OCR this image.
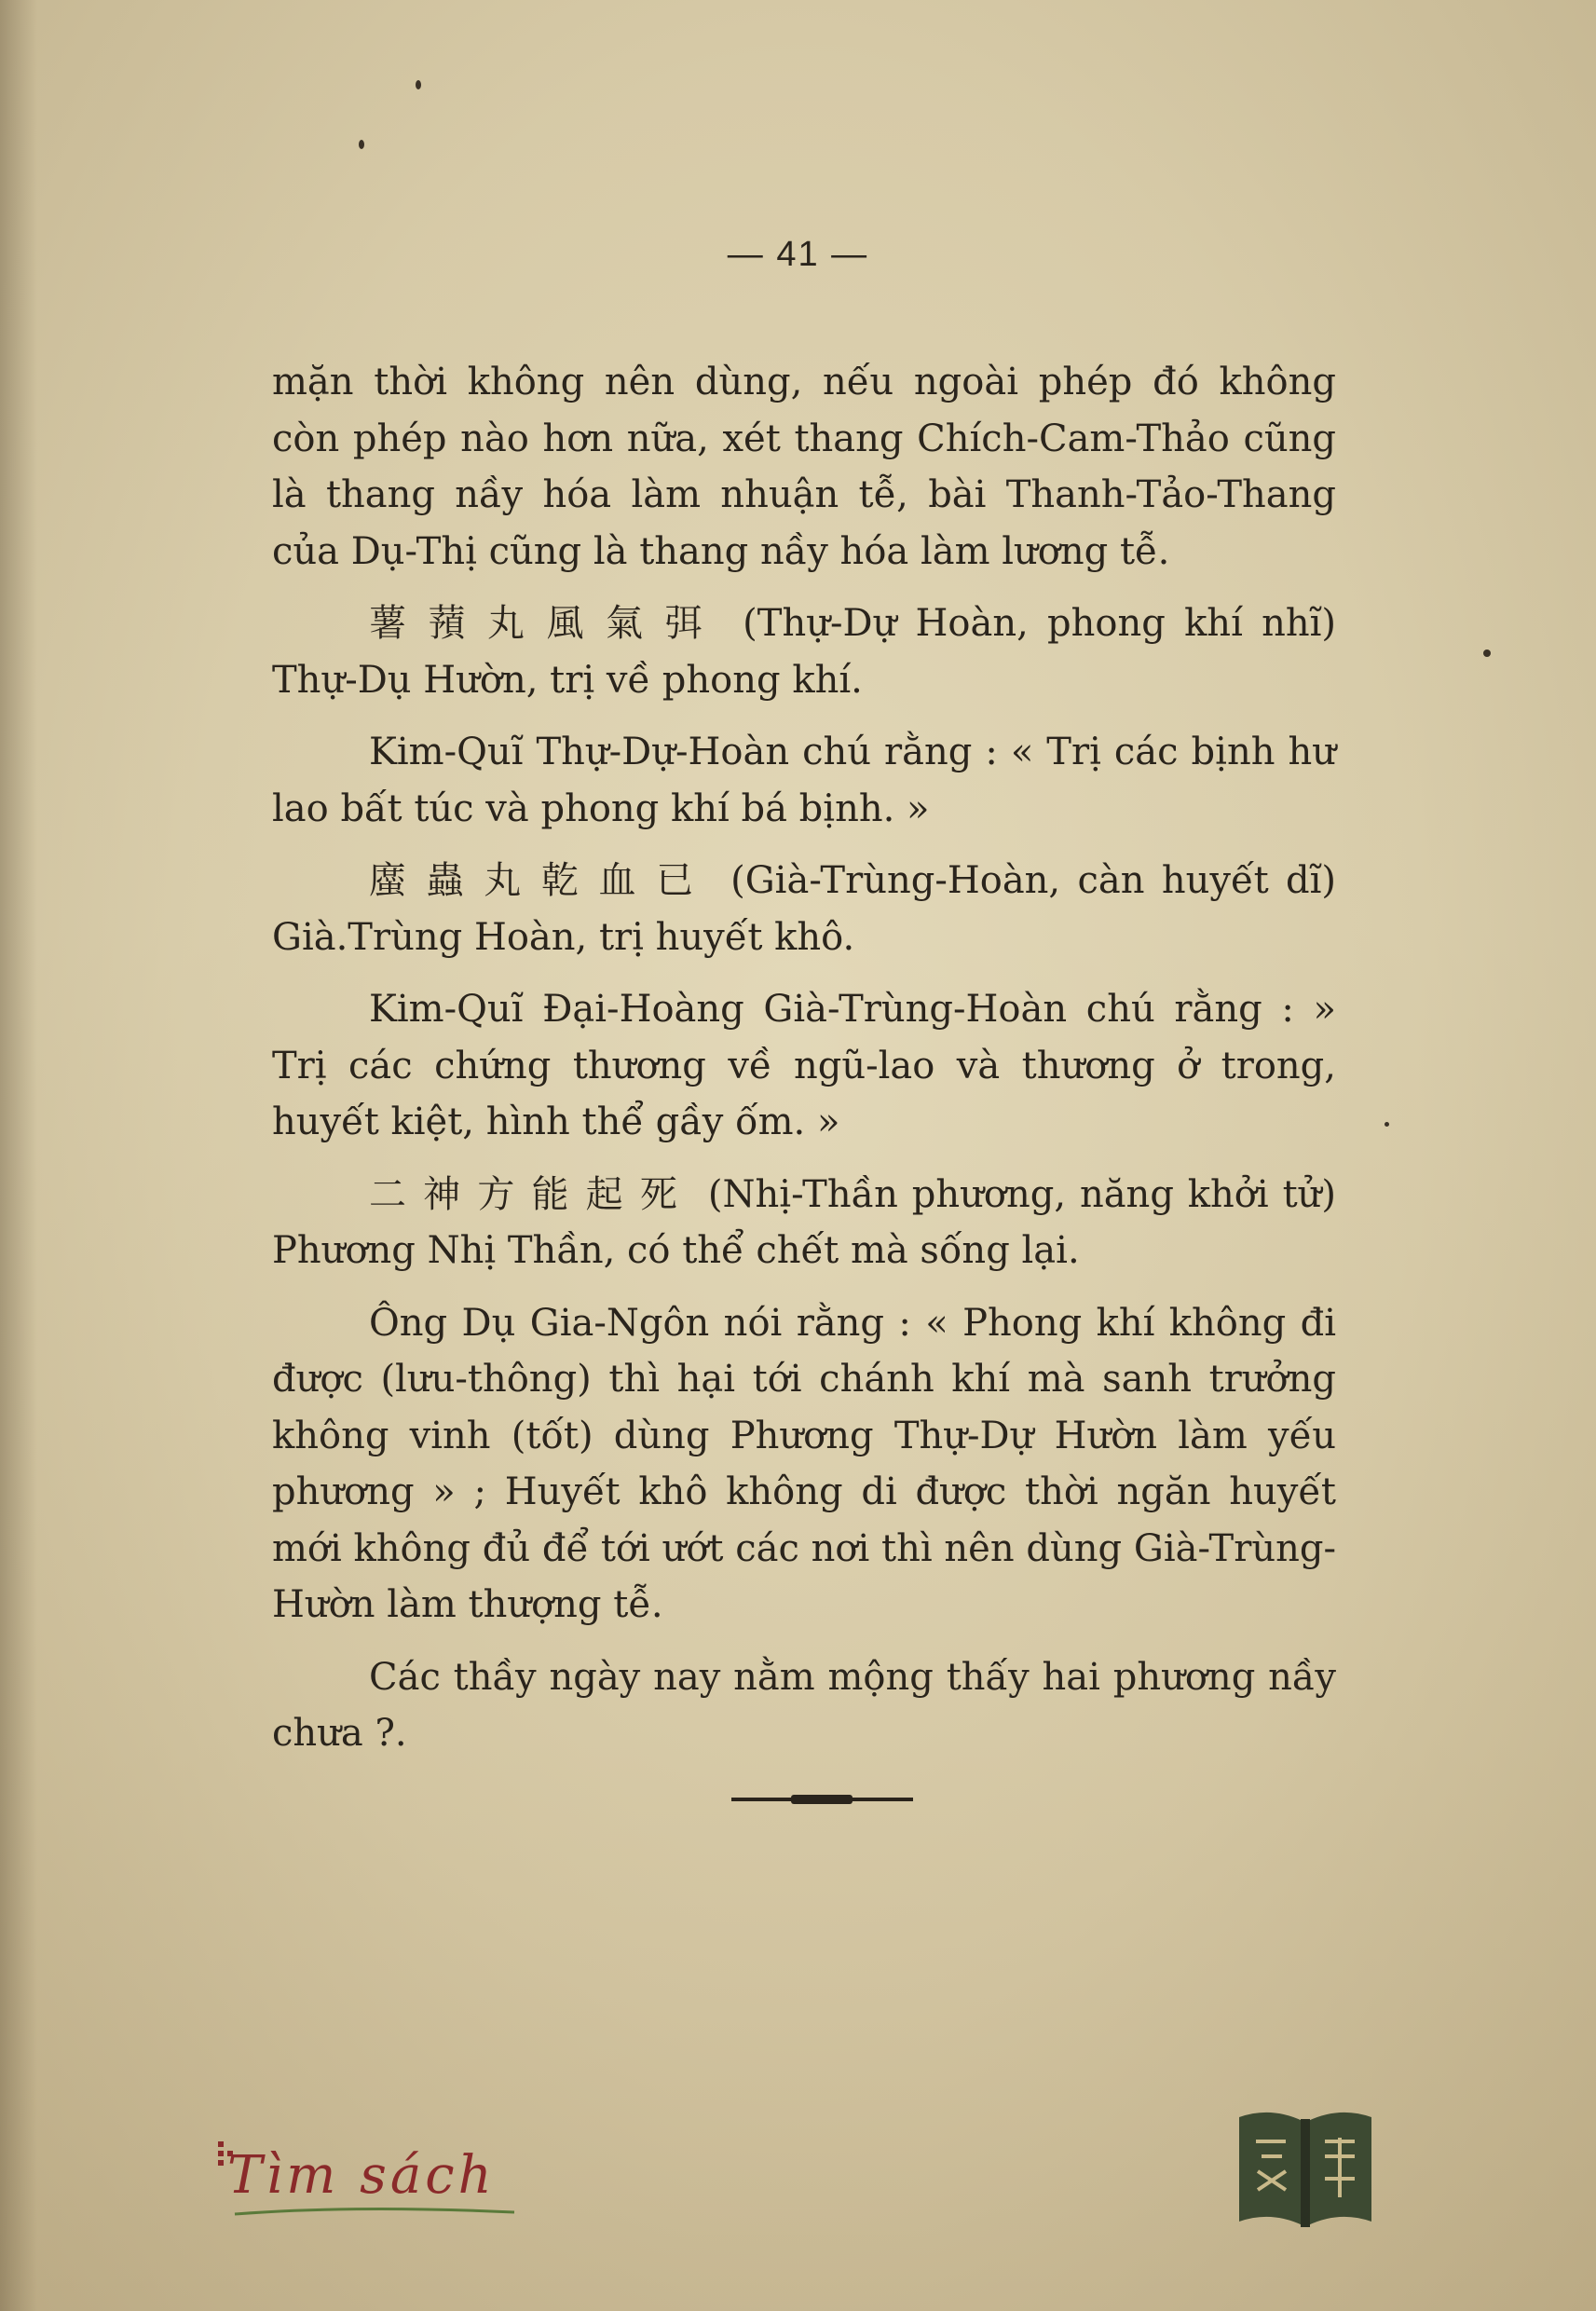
— 41 —

mặn thời không nên dùng, nếu ngoài phép đó không còn phép nào hơn nữa, xét thang Chích-Cam-Thảo cũng là thang nầy hóa làm nhuận tễ, bài Thanh-Tảo-Thang của Dụ-Thị cũng là thang nầy hóa làm lương tễ.

薯蕷丸風氣弭 (Thự-Dự Hoàn, phong khí nhĩ) Thự-Dụ Hườn, trị về phong khí.

Kim-Quĩ Thự-Dự-Hoàn chú rằng : « Trị các bịnh hư lao bất túc và phong khí bá bịnh. »

䗪蟲丸乾血已 (Già-Trùng-Hoàn, càn huyết dĩ) Già.Trùng Hoàn, trị huyết khô.

Kim-Quĩ Đại-Hoàng Già-Trùng-Hoàn chú rằng : » Trị các chứng thương về ngũ-lao và thương ở trong, huyết kiệt, hình thể gầy ốm. »

二神方能起死 (Nhị-Thần phương, năng khởi tử) Phương Nhị Thần, có thể chết mà sống lại.

Ông Dụ Gia-Ngôn nói rằng : « Phong khí không đi được (lưu-thông) thì hại tới chánh khí mà sanh trưởng không vinh (tốt) dùng Phương Thự-Dự Hườn làm yếu phương » ; Huyết khô không di được thời ngăn huyết mới không đủ để tới ướt các nơi thì nên dùng Già-Trùng-Hườn làm thượng tễ.

Các thầy ngày nay nằm mộng thấy hai phương nầy chưa ?.

Tìm sách
